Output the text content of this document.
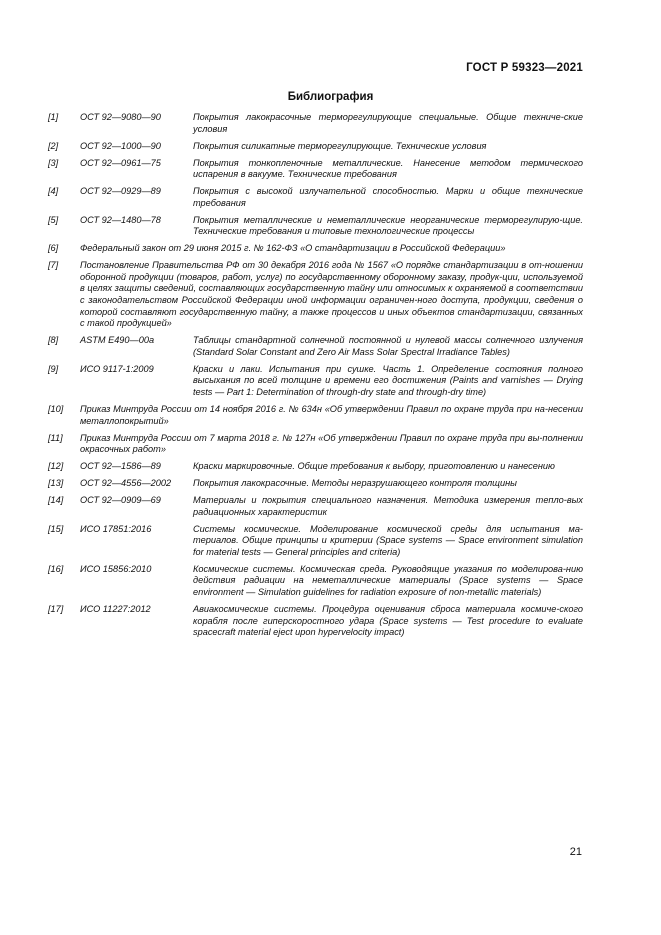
ГОСТ Р 59323—2021
Библиография
[1]	ОСТ 92—9080—90	Покрытия лакокрасочные терморегулирующие специальные. Общие техниче-ские условия
[2]	ОСТ 92—1000—90	Покрытия силикатные терморегулирующие. Технические условия
[3]	ОСТ 92—0961—75	Покрытия тонкопленочные металлические. Нанесение методом термического испарения в вакууме. Технические требования
[4]	ОСТ 92—0929—89	Покрытия с высокой излучательной способностью. Марки и общие технические требования
[5]	ОСТ 92—1480—78	Покрытия металлические и неметаллические неорганические терморегулирую-щие. Технические требования и типовые технологические процессы
[6]	Федеральный закон от 29 июня 2015 г. № 162-ФЗ «О стандартизации в Российской Федерации»
[7]	Постановление Правительства РФ от 30 декабря 2016 года № 1567 «О порядке стандартизации в от-ношении оборонной продукции (товаров, работ, услуг) по государственному оборонному заказу, продук-ции, используемой в целях защиты сведений, составляющих государственную тайну или относимых к охраняемой в соответствии с законодательством Российской Федерации иной информации ограничен-ного доступа, продукции, сведения о которой составляют государственную тайну, а также процессов и иных объектов стандартизации, связанных с такой продукцией»
[8]	ASTM E490—00a	Таблицы стандартной солнечной постоянной и нулевой массы солнечного излучения (Standard Solar Constant and Zero Air Mass Solar Spectral Irradiance Tables)
[9]	ИСО 9117-1:2009	Краски и лаки. Испытания при сушке. Часть 1. Определение состояния полного высыхания по всей толщине и времени его достижения (Paints and varnishes — Drying tests — Part 1: Determination of through-dry state and through-dry time)
[10]	Приказ Минтруда России от 14 ноября 2016 г. № 634н «Об утверждении Правил по охране труда при на-несении металлопокрытий»
[11]	Приказ Минтруда России от 7 марта 2018 г. № 127н «Об утверждении Правил по охране труда при вы-полнении окрасочных работ»
[12]	ОСТ 92—1586—89	Краски маркировочные. Общие требования к выбору, приготовлению и нанесению
[13]	ОСТ 92—4556—2002	Покрытия лакокрасочные. Методы неразрушающего контроля толщины
[14]	ОСТ 92—0909—69	Материалы и покрытия специального назначения. Методика измерения тепло-вых радиационных характеристик
[15]	ИСО 17851:2016	Системы космические. Моделирование космической среды для испытания ма-териалов. Общие принципы и критерии (Space systems — Space environment simulation for material tests — General principles and criteria)
[16]	ИСО 15856:2010	Космические системы. Космическая среда. Руководящие указания по моделирова-нию действия радиации на неметаллические материалы (Space systems — Space environment — Simulation guidelines for radiation exposure of non-metallic materials)
[17]	ИСО 11227:2012	Авиакосмические системы. Процедура оценивания сброса материала космиче-ского корабля после гиперскоростного удара (Space systems — Test procedure to evaluate spacecraft material eject upon hypervelocity impact)
21
